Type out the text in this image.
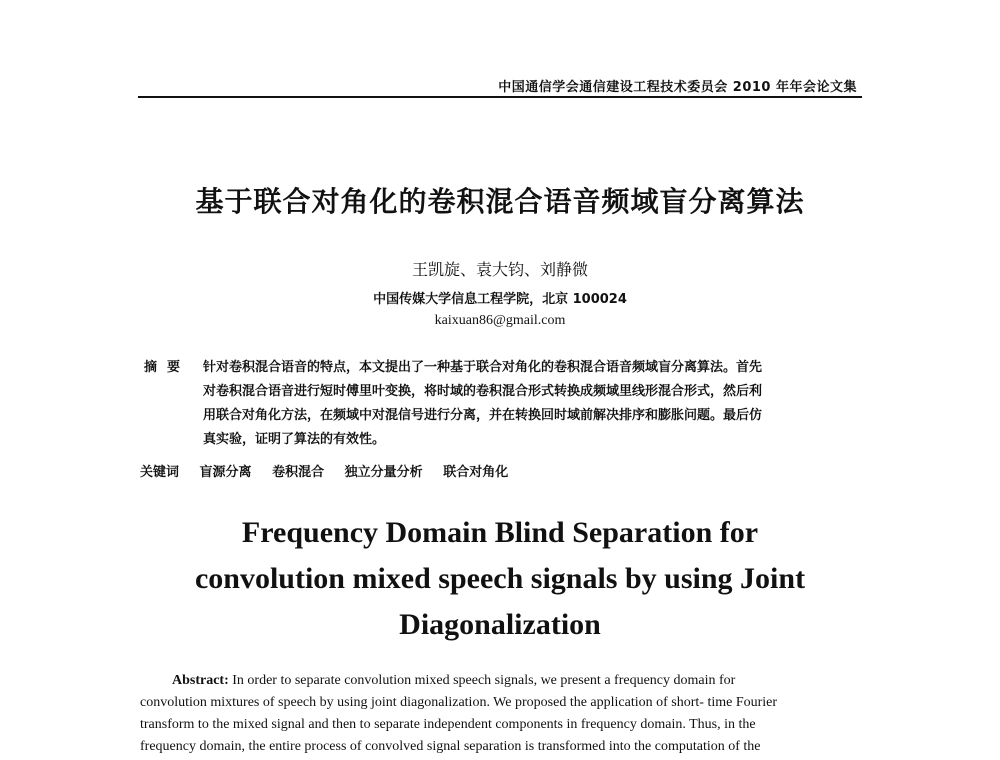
中国通信学会通信建设工程技术委员会 2010 年年会论文集
基于联合对角化的卷积混合语音频域盲分离算法
王凯旋、袁大钧、刘静微
中国传媒大学信息工程学院，北京 100024
kaixuan86@gmail.com
摘要 针对卷积混合语音的特点，本文提出了一种基于联合对角化的卷积混合语音频域盲分离算法。首先
对卷积混合语音进行短时傅里叶变换，将时域的卷积混合形式转换成频域里线形混合形式，然后利
用联合对角化方法，在频域中对混信号进行分离，并在转换回时域前解决排序和膨胀问题。最后仿
真实验，证明了算法的有效性。
关键词 盲源分离 卷积混合 独立分量分析 联合对角化
Frequency Domain Blind Separation for
convolution mixed speech signals by using Joint
Diagonalization
Abstract: In order to separate convolution mixed speech signals, we present a frequency domain for
convolution mixtures of speech by using joint diagonalization. We proposed the application of short- time Fourier
transform to the mixed signal and then to separate independent components in frequency domain. Thus, in the
frequency domain, the entire process of convolved signal separation is transformed into the computation of the
